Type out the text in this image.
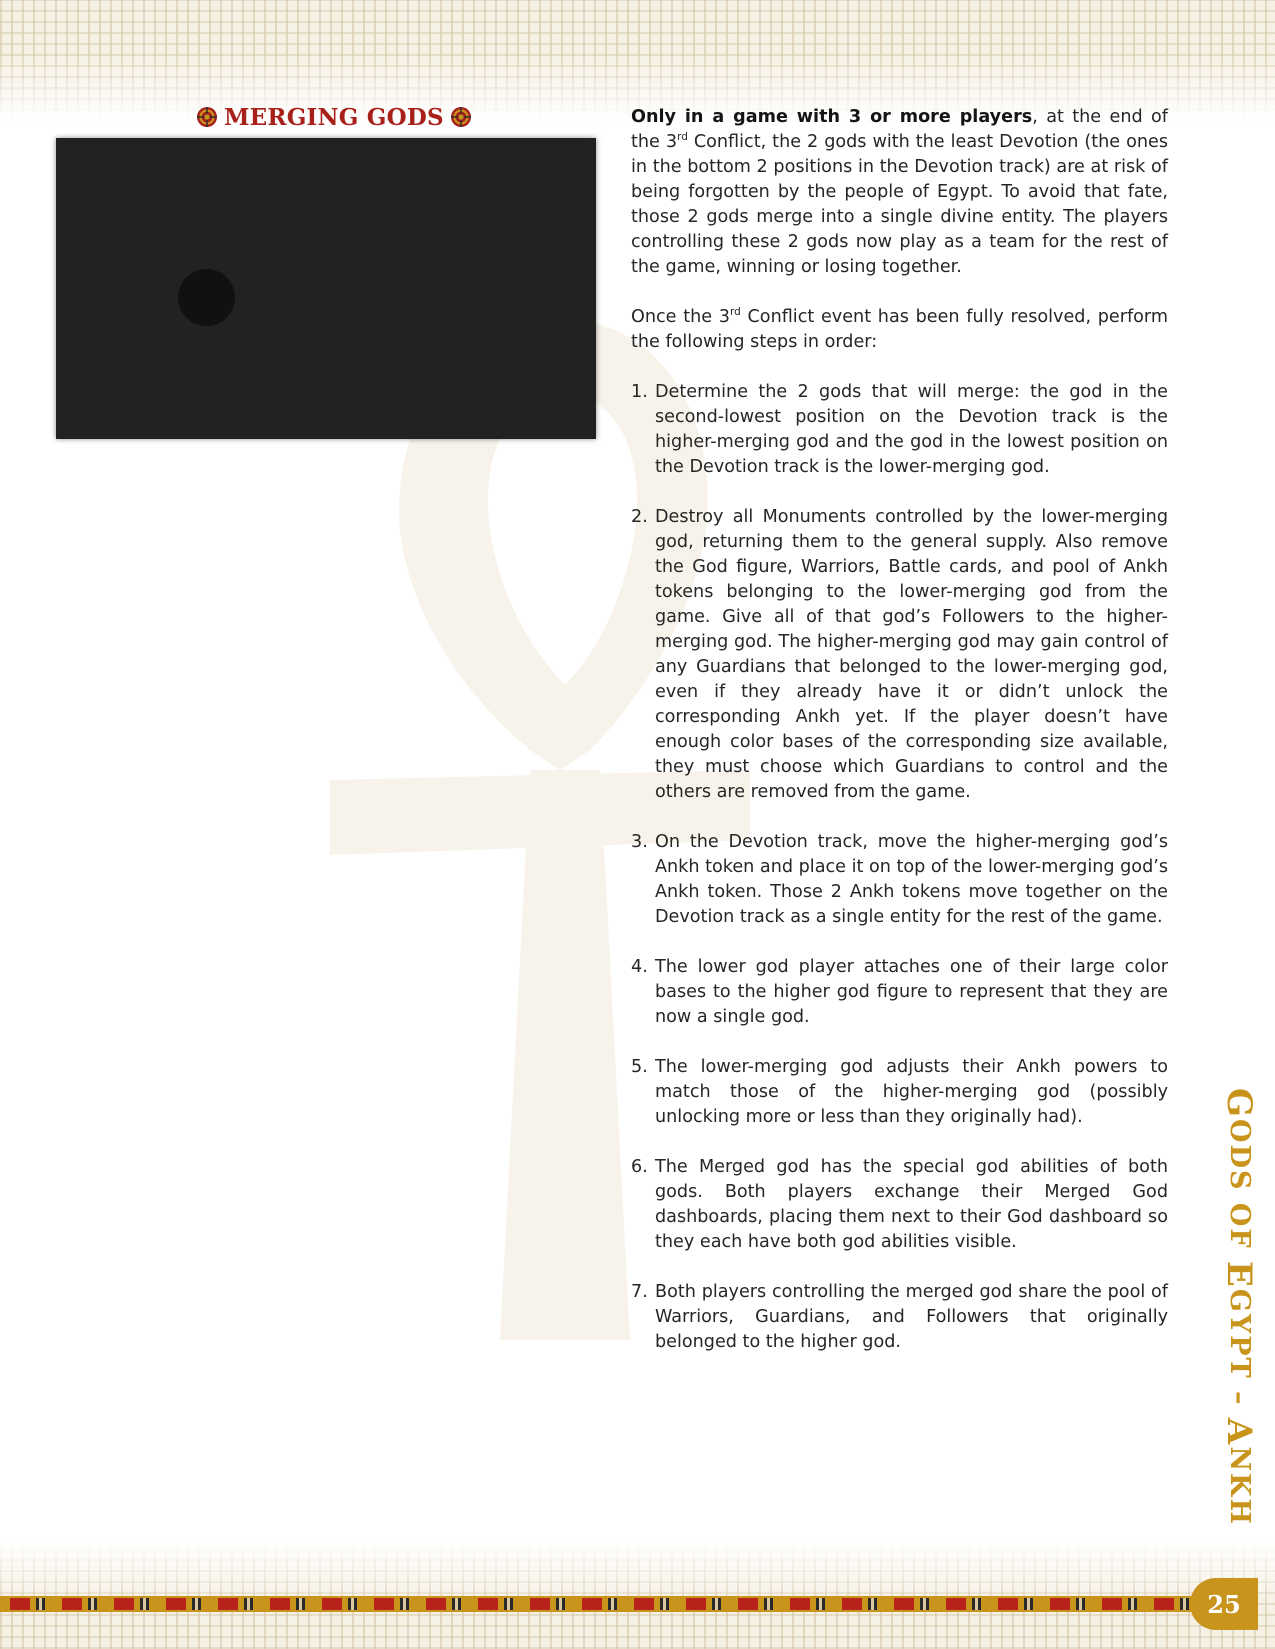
MERGING GODS	Only in a game with 3 or more players, at the end of the 3rd Conflict, the 2 gods with the least Devotion (the ones in the bottom 2 positions in the Devotion track) are at risk of being forgotten by the people of Egypt. To avoid that fate, those 2 gods merge into a single divine entity. The players controlling these 2 gods now play as a team for the rest of the game, winning or losing together.

Once the 3rd Conflict event has been fully resolved, perform the following steps in order:

1. Determine the 2 gods that will merge: the god in the second-lowest position on the Devotion track is the higher-merging god and the god in the lowest position on the Devotion track is the lower-merging god.
2. Destroy all Monuments controlled by the lower-merging god, returning them to the general supply. Also remove the God figure, Warriors, Battle cards, and pool of Ankh tokens belonging to the lower-merging god from the game. Give all of that god’s Followers to the higher-merging god. The higher-merging god may gain control of any Guardians that belonged to the lower-merging god, even if they already have it or didn’t unlock the corresponding Ankh yet. If the player doesn’t have enough color bases of the corresponding size available, they must choose which Guardians to control and the others are removed from the game.
3. On the Devotion track, move the higher-merging god’s Ankh token and place it on top of the lower-merging god’s Ankh token. Those 2 Ankh tokens move together on the Devotion track as a single entity for the rest of the game.
4. The lower god player attaches one of their large color bases to the higher god figure to represent that they are now a single god.
5. The lower-merging god adjusts their Ankh powers to match those of the higher-merging god (possibly unlocking more or less than they originally had).
6. The Merged god has the special god abilities of both gods. Both players exchange their Merged God dashboards, placing them next to their God dashboard so they each have both god abilities visible.
7. Both players controlling the merged god share the pool of Warriors, Guardians, and Followers that originally belonged to the higher god.
GODS OF EGYPT – ANKH
25
